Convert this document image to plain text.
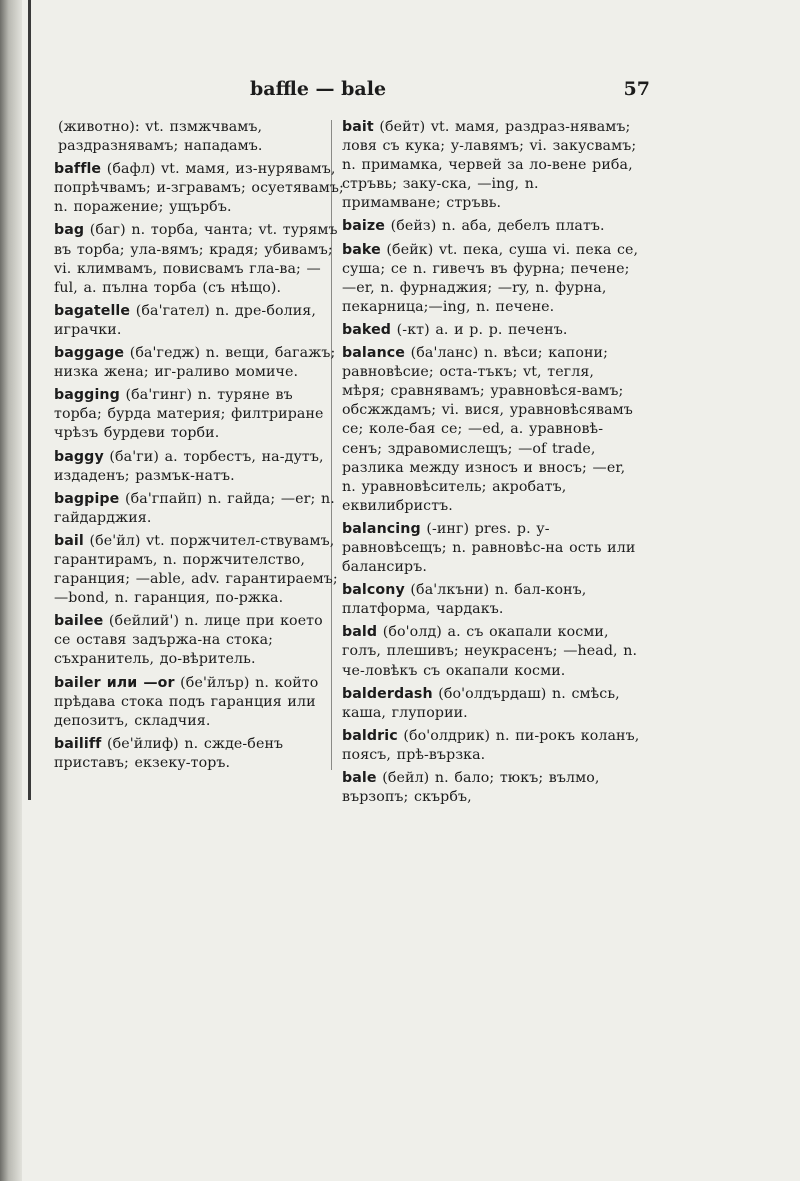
baffle — bale	57

(животно): vt. пзмжчвамъ, раздразнявамъ; нападамъ.

baffle (бафл) vt. мамя, из-нурявамъ, попрѣчвамъ; и-згравамъ; осуетявамъ; n. поражение; ущърбъ.

bag (баг) n. торба, чанта; vt. турямъ въ торба; ула-вямъ; крадя; убивамъ; vi. климвамъ, повисвамъ гла-ва; —ful, a. пълна торба (съ нѣщо).

bagatelle (ба'гател) n. дре-болия, играчки.

baggage (ба'гедж) n. вещи, багажъ; низка жена; иг-раливо момиче.

bagging (ба'гинг) n. туряне въ торба; бурда материя; филтриране чрѣзъ бурдеви торби.

baggy (ба'ги) a. торбестъ, на-дутъ, издаденъ; размък-натъ.

bagpipe (ба'гпайп) n. гайда; —er; n. гайдарджия.

bail (бе'йл) vt. поржчител-ствувамъ, гарантирамъ, n. поржчителство, гаранция; —able, adv. гарантираемъ; —bond, n. гаранция, по-ржка.

bailee (бейлий') n. лице при което се оставя задържа-на стока; съхранитель, до-вѣритель.

bailer или —or (бе'йлър) n. който прѣдава стока подъ гаранция или депозитъ, складчия.

bailiff (бе'йлиф) n. сжде-бенъ приставъ; екзеку-торъ.

bait (бейт) vt. мамя, раздраз-нявамъ; ловя съ кука; у-лавямъ; vi. закусвамъ; n. примамка, червей за ло-вене риба, стръвь; заку-ска, —ing, n. примамване; стръвь.

baize (бейз) n. аба, дебелъ платъ.

bake (бейк) vt. пека, суша vi. пека се, суша; се n. гивечъ въ фурна; печене; —er, n. фурнаджия; —ry, n. фурна, пекарница;—ing, n. печене.

baked (-кт) a. и p. p. печенъ.

balance (ба'ланс) n. вѣси; капони; равновѣсие; оста-тъкъ; vt, тегля, мѣря; сравнявамъ; уравновѣся-вамъ; обсжждамъ; vi. вися, уравновѣсявамъ се; коле-бая се; —ed, a. уравновѣ-сенъ; здравомислещъ; —of trade, разлика между износъ и вносъ; —er, n. уравновѣситель; акробатъ, еквилибристъ.

balancing (-инг) pres. p. у-равновѣсещъ; n. равновѣс-на ость или балансиръ.

balcony (ба'лкъни) n. бал-конъ, платформа, чардакъ.

bald (бо'олд) a. съ окапали косми, голъ, плешивъ; неукрасенъ; —head, n. че-ловѣкъ съ окапали косми.

balderdash (бо'олдърдаш) n. смѣсь, каша, глупории.

baldric (бо'олдрик) n. пи-рокъ коланъ, поясъ, прѣ-вързка.

bale (бейл) n. бало; тюкъ; вълмо, вързопъ; скърбъ,
